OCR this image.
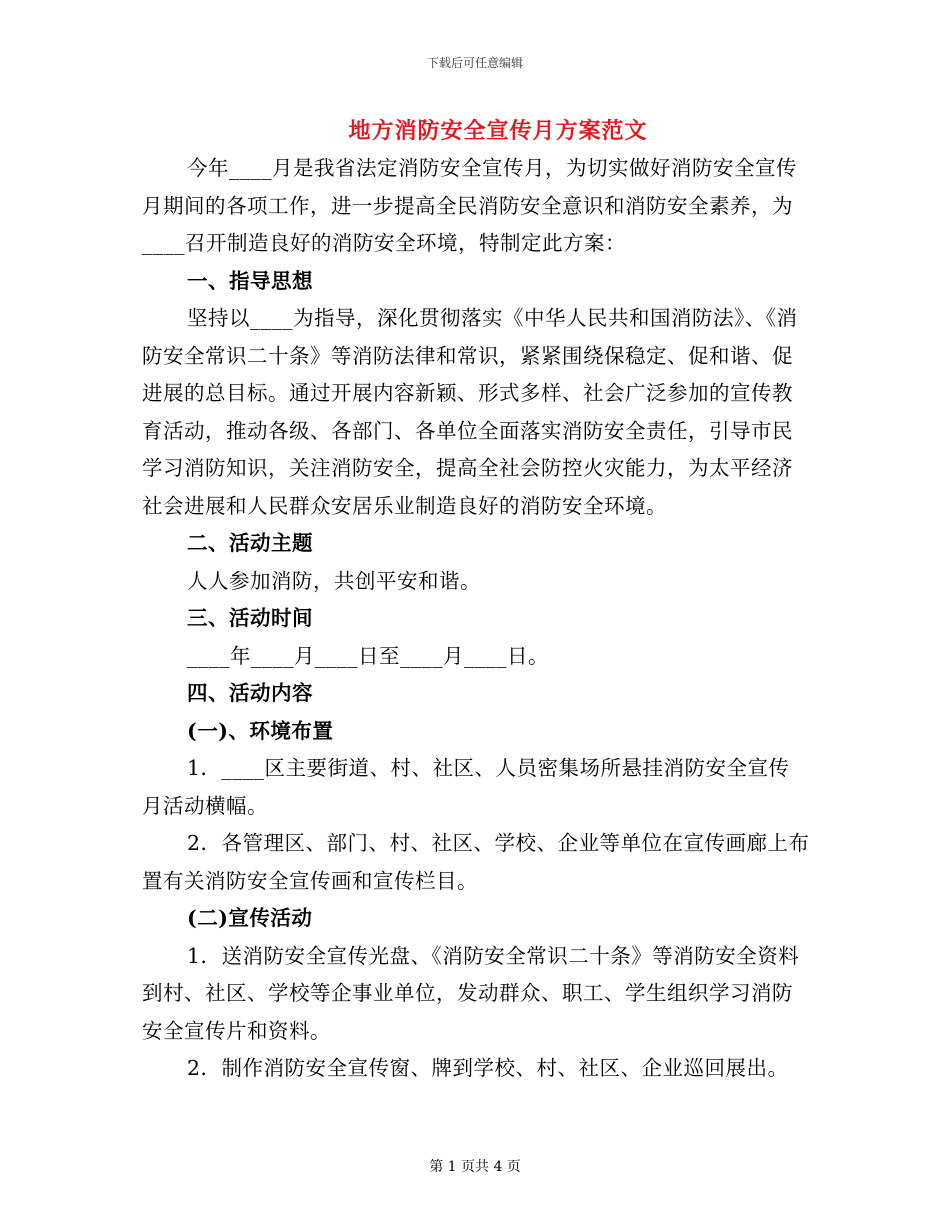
下载后可任意编辑
地方消防安全宣传月方案范文

今年____月是我省法定消防安全宣传月，为切实做好消防安全宣传月期间的各项工作，进一步提高全民消防安全意识和消防安全素养，为____召开制造良好的消防安全环境，特制定此方案：

一、指导思想

坚持以____为指导，深化贯彻落实《中华人民共和国消防法》、《消防安全常识二十条》等消防法律和常识，紧紧围绕保稳定、促和谐、促进展的总目标。通过开展内容新颖、形式多样、社会广泛参加的宣传教育活动，推动各级、各部门、各单位全面落实消防安全责任，引导市民学习消防知识，关注消防安全，提高全社会防控火灾能力，为太平经济社会进展和人民群众安居乐业制造良好的消防安全环境。

二、活动主题

人人参加消防，共创平安和谐。

三、活动时间

____年____月____日至____月____日。

四、活动内容

(一)、环境布置

1．____区主要街道、村、社区、人员密集场所悬挂消防安全宣传月活动横幅。

2．各管理区、部门、村、社区、学校、企业等单位在宣传画廊上布置有关消防安全宣传画和宣传栏目。

(二)宣传活动

1．送消防安全宣传光盘、《消防安全常识二十条》等消防安全资料到村、社区、学校等企事业单位，发动群众、职工、学生组织学习消防安全宣传片和资料。

2．制作消防安全宣传窗、牌到学校、村、社区、企业巡回展出。

第 1 页共 4 页
